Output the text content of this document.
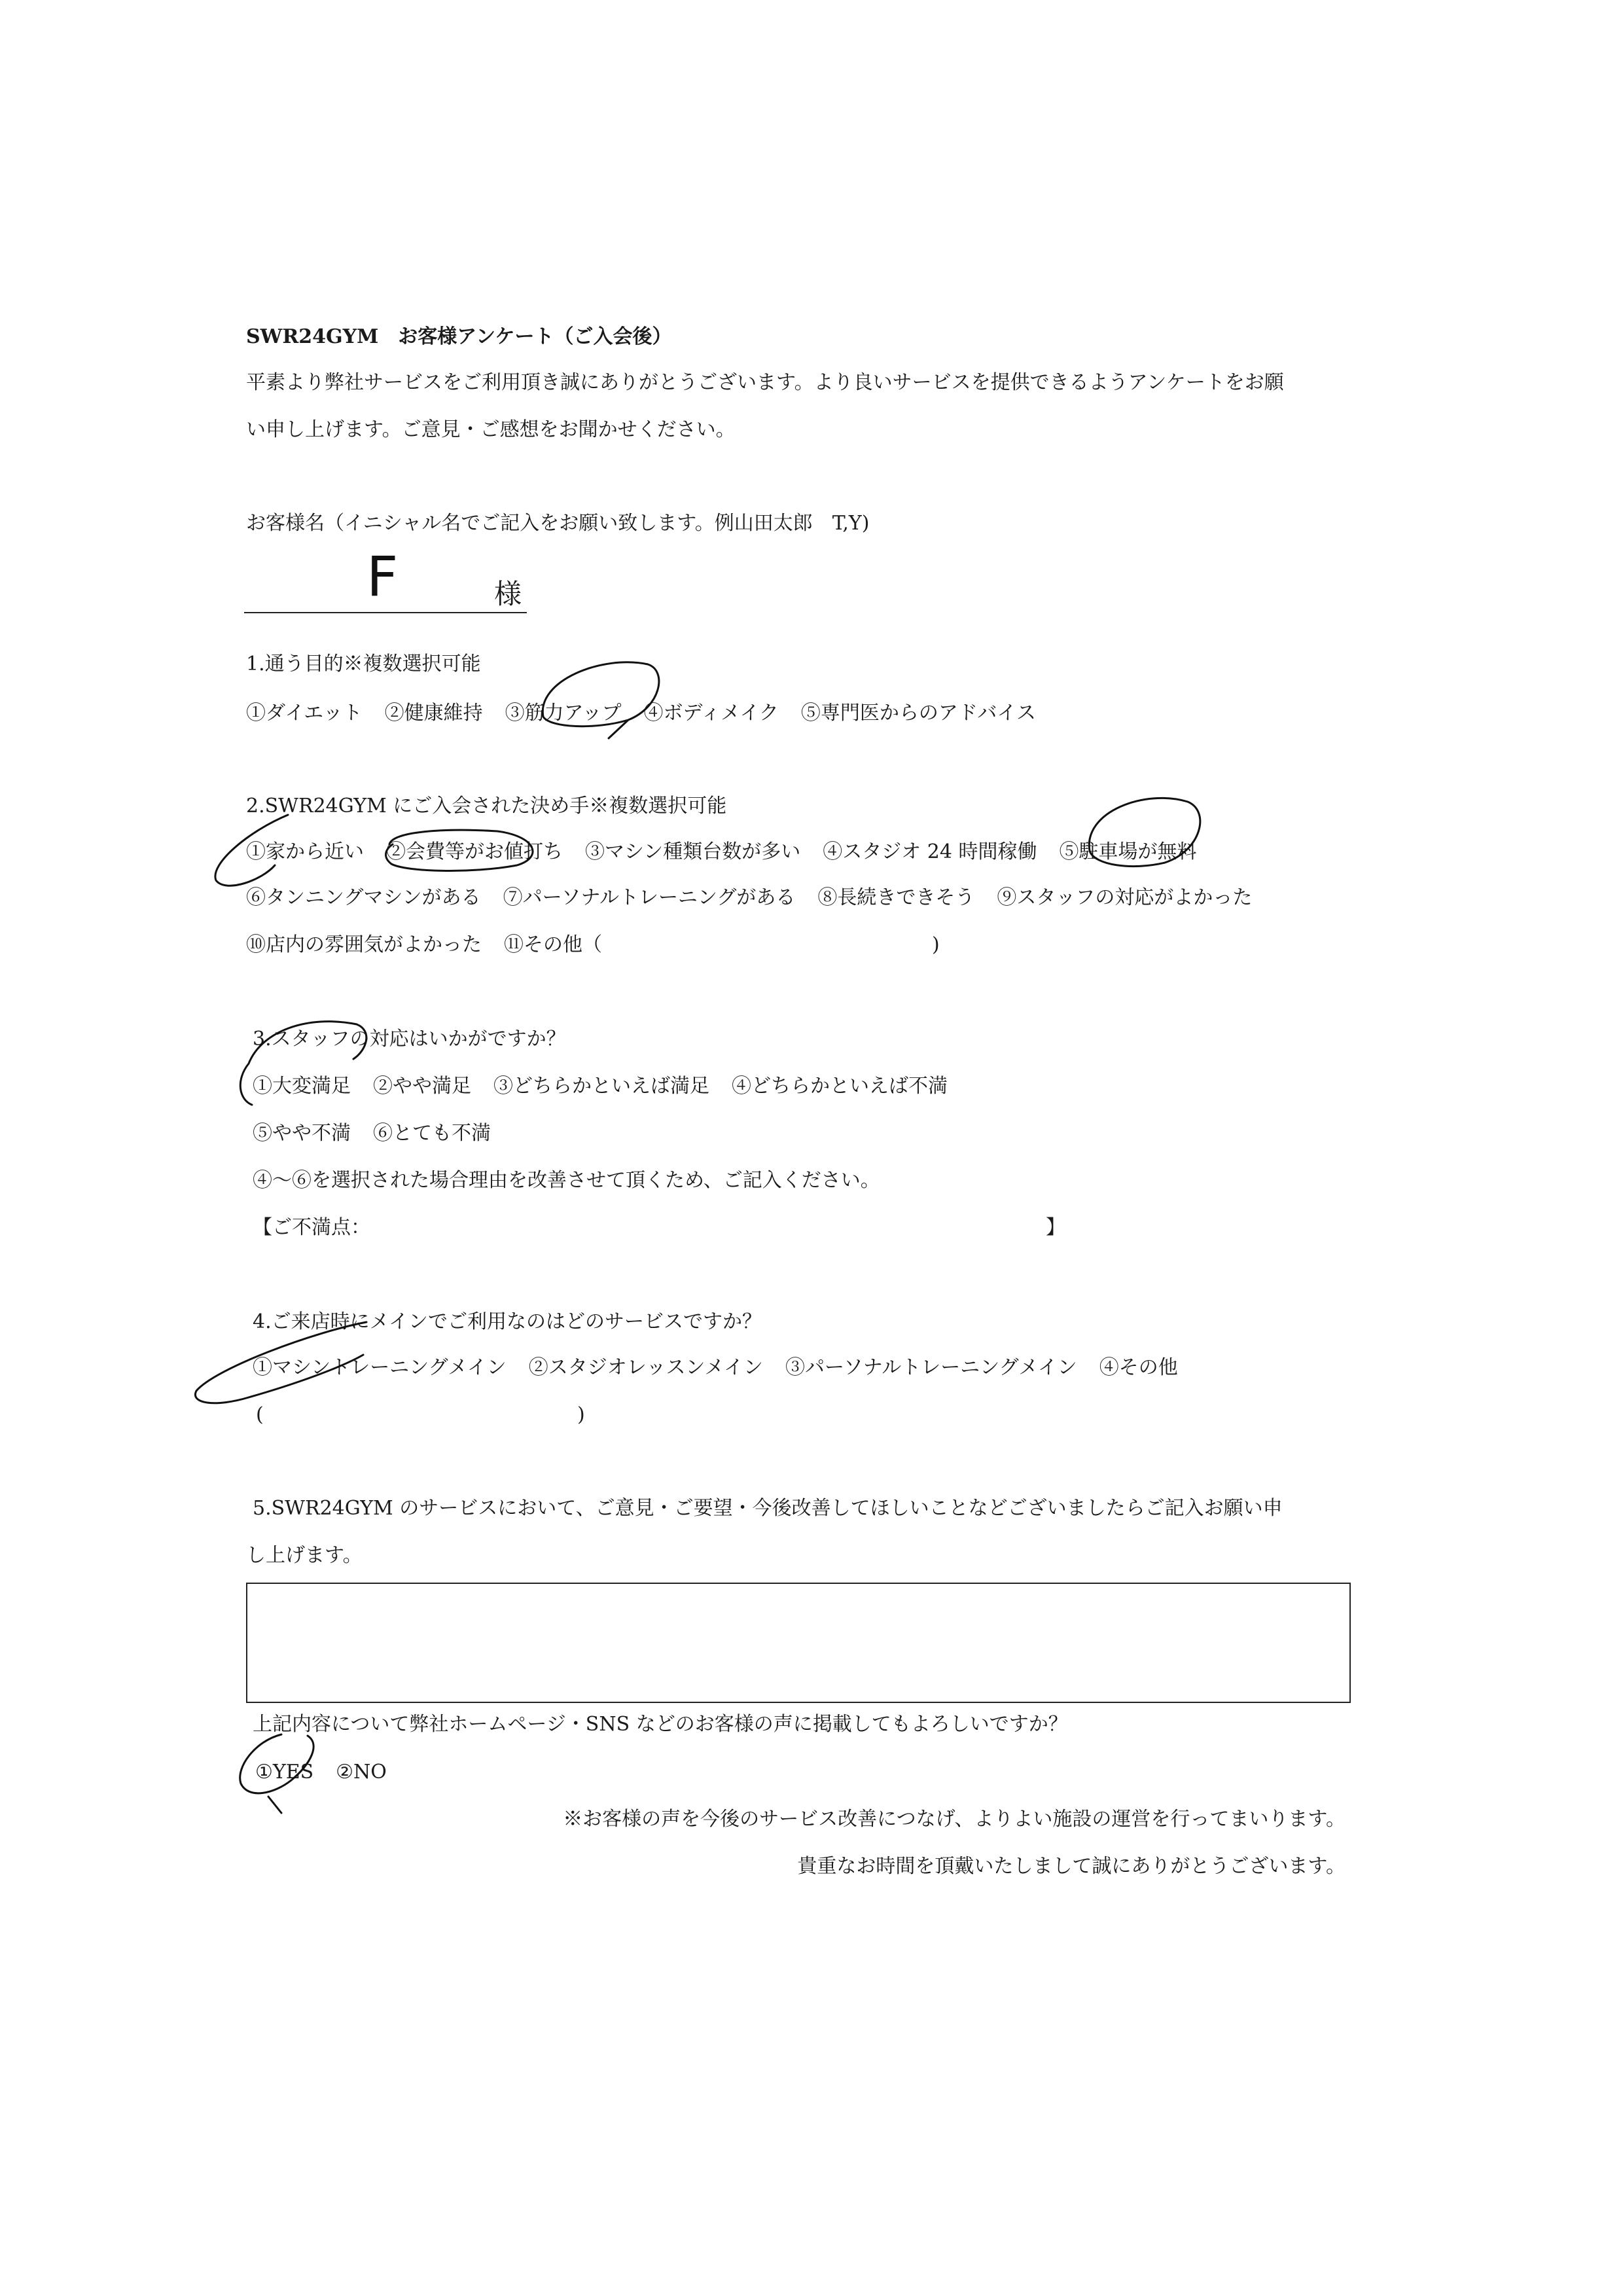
SWR24GYM　お客様アンケート（ご入会後）
平素より弊社サービスをご利用頂き誠にありがとうございます。より良いサービスを提供できるようアンケートをお願
い申し上げます。ご意見・ご感想をお聞かせください。
お客様名（イニシャル名でご記入をお願い致します。例山田太郎　T,Y)
F	様
1.通う目的※複数選択可能
①ダイエット ②健康維持 ③筋力アップ ④ボディメイク ⑤専門医からのアドバイス
2.SWR24GYM にご入会された決め手※複数選択可能
①家から近い ②会費等がお値打ち ③マシン種類台数が多い ④スタジオ 24 時間稼働 ⑤駐車場が無料
⑥タンニングマシンがある ⑦パーソナルトレーニングがある ⑧長続きできそう ⑨スタッフの対応がよかった
⑩店内の雰囲気がよかった ⑪その他（	)
3.スタッフの対応はいかがですか？
①大変満足 ②やや満足 ③どちらかといえば満足 ④どちらかといえば不満
⑤やや不満 ⑥とても不満
④～⑥を選択された場合理由を改善させて頂くため、ご記入ください。
【ご不満点：	】
4.ご来店時にメインでご利用なのはどのサービスですか？
①マシントレーニングメイン ②スタジオレッスンメイン ③パーソナルトレーニングメイン ④その他
(	)
5.SWR24GYM のサービスにおいて、ご意見・ご要望・今後改善してほしいことなどございましたらご記入お願い申
し上げます。
上記内容について弊社ホームページ・SNS などのお客様の声に掲載してもよろしいですか？
①YES ②NO
※お客様の声を今後のサービス改善につなげ、よりよい施設の運営を行ってまいります。
貴重なお時間を頂戴いたしまして誠にありがとうございます。
